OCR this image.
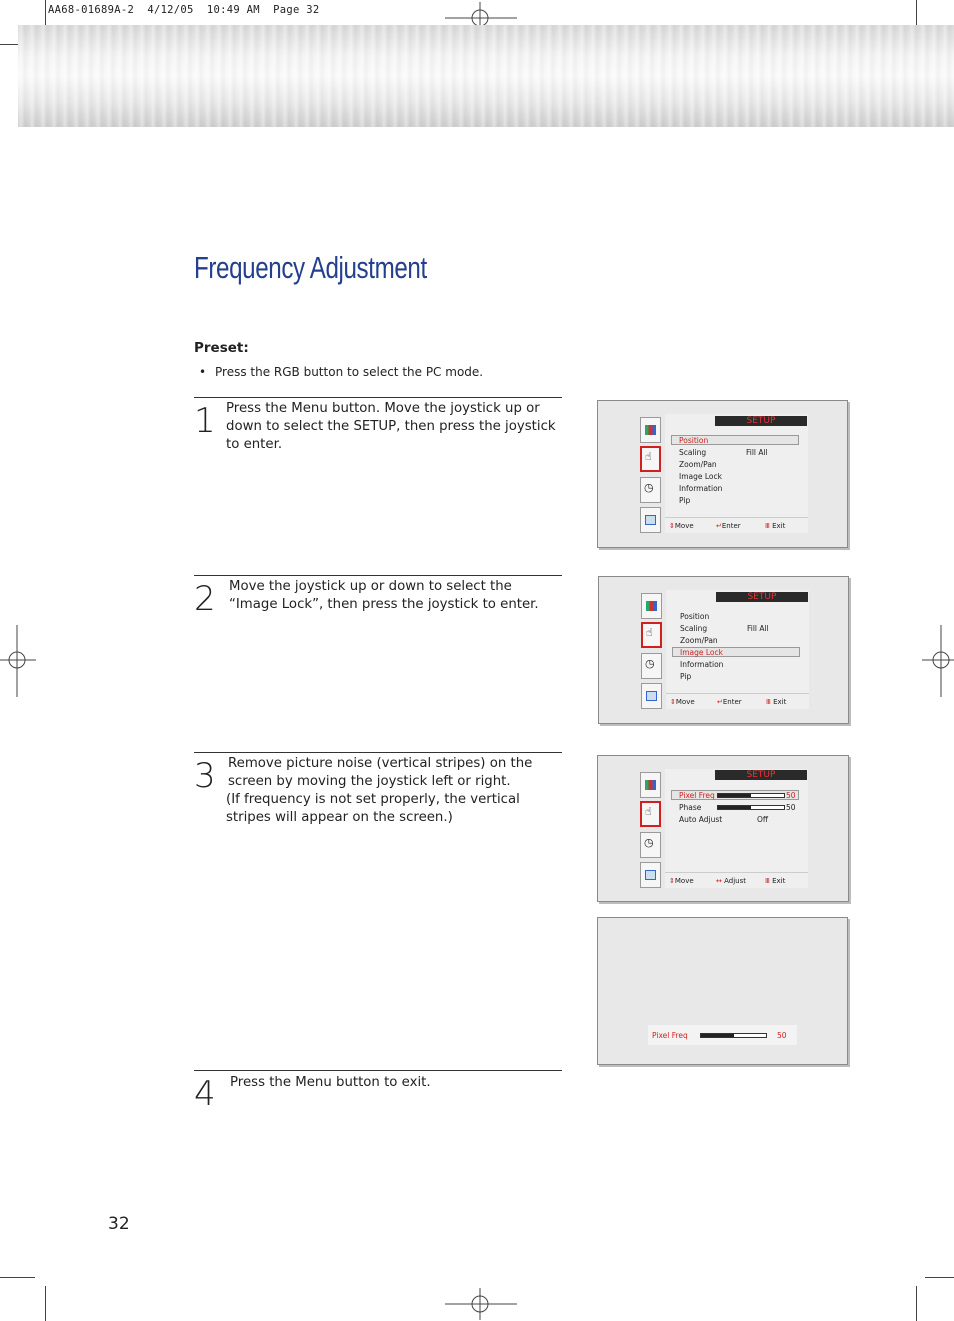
AA68-01689A-2  4/12/05  10:49 AM  Page 32
Frequency Adjustment
Preset:
• Press the RGB button to select the PC mode.
1 Press the Menu button. Move the joystick up or down to select the SETUP, then press the joystick to enter.
2 Move the joystick up or down to select the “Image Lock”, then press the joystick to enter.
3 Remove picture noise (vertical stripes) on the screen by moving the joystick left or right.
(If frequency is not set properly, the vertical stripes will appear on the screen.)
4 Press the Menu button to exit.
☝
◷
SETUP
Position
Scaling	Fill All
Zoom/Pan
Image Lock
Information
Pip
⇕Move	↵Enter	Ⅲ Exit
☝
◷
SETUP
Position
Scaling	Fill All
Zoom/Pan
Image Lock
Information
Pip
⇕Move	↵Enter	Ⅲ Exit
☝
◷
SETUP
Pixel Freq	50
Phase	50
Auto Adjust	Off
⇕Move	↔ Adjust	Ⅲ Exit
Pixel Freq	50
32
